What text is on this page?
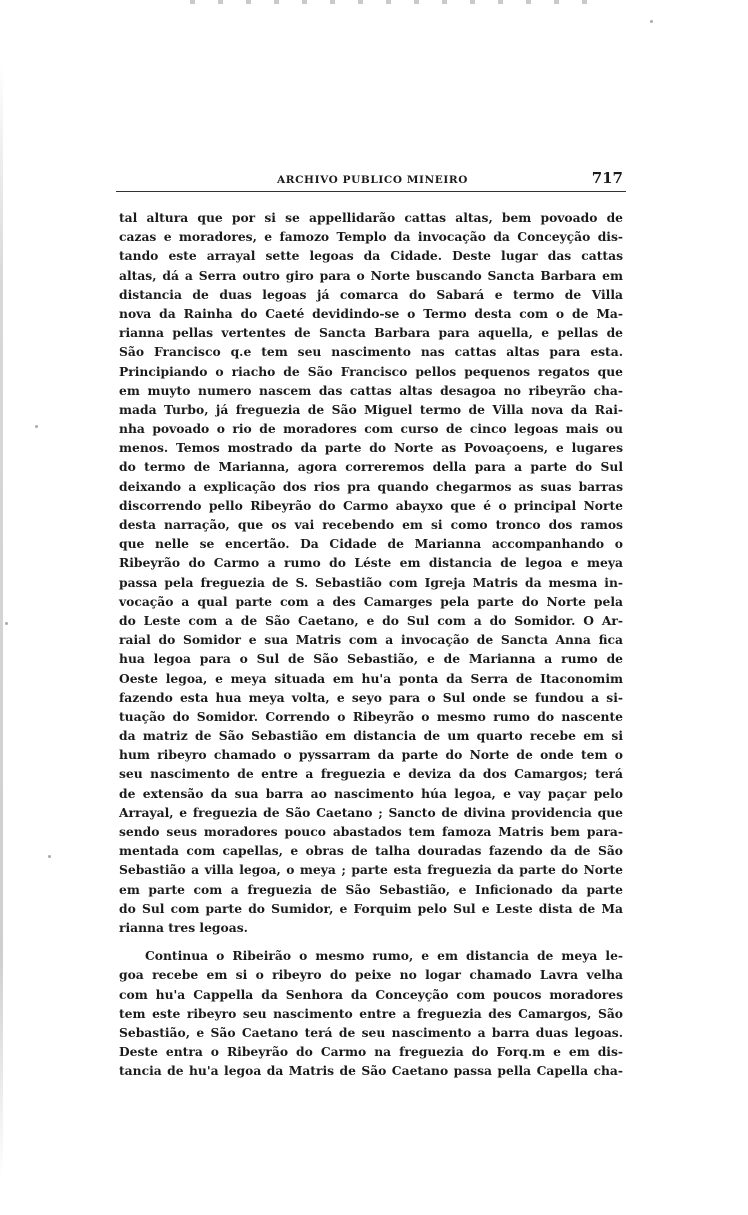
ARCHIVO PUBLICO MINEIRO	717
tal altura que por si se appellidarão cattas altas, bem povoado de
cazas e moradores, e famozo Templo da invocação da Conceyção dis-
tando este arrayal sette legoas da Cidade. Deste lugar das cattas
altas, dá a Serra outro giro para o Norte buscando Sancta Barbara em
distancia de duas legoas já comarca do Sabará e termo de Villa
nova da Rainha do Caeté devidindo-se o Termo desta com o de Ma-
rianna pellas vertentes de Sancta Barbara para aquella, e pellas de
São Francisco q.e tem seu nascimento nas cattas altas para esta.
Principiando o riacho de São Francisco pellos pequenos regatos que
em muyto numero nascem das cattas altas desagoa no ribeyrão cha-
mada Turbo, já freguezia de São Miguel termo de Villa nova da Rai-
nha povoado o rio de moradores com curso de cinco legoas mais ou
menos. Temos mostrado da parte do Norte as Povoaçoens, e lugares
do termo de Marianna, agora correremos della para a parte do Sul
deixando a explicação dos rios pra quando chegarmos as suas barras
discorrendo pello Ribeyrão do Carmo abayxo que é o principal Norte
desta narração, que os vai recebendo em si como tronco dos ramos
que nelle se encertão. Da Cidade de Marianna accompanhando o
Ribeyrão do Carmo a rumo do Léste em distancia de legoa e meya
passa pela freguezia de S. Sebastião com Igreja Matris da mesma in-
vocação a qual parte com a des Camarges pela parte do Norte pela
do Leste com a de São Caetano, e do Sul com a do Somidor. O Ar-
raial do Somidor e sua Matris com a invocação de Sancta Anna fica
hua legoa para o Sul de São Sebastião, e de Marianna a rumo de
Oeste legoa, e meya situada em hu'a ponta da Serra de Itaconomim
fazendo esta hua meya volta, e seyo para o Sul onde se fundou a si-
tuação do Somidor. Correndo o Ribeyrão o mesmo rumo do nascente
da matriz de São Sebastião em distancia de um quarto recebe em si
hum ribeyro chamado o pyssarram da parte do Norte de onde tem o
seu nascimento de entre a freguezia e deviza da dos Camargos; terá
de extensão da sua barra ao nascimento húa legoa, e vay paçar pelo
Arrayal, e freguezia de São Caetano ; Sancto de divina providencia que
sendo seus moradores pouco abastados tem famoza Matris bem para-
mentada com capellas, e obras de talha douradas fazendo da de São
Sebastião a villa legoa, o meya ; parte esta freguezia da parte do Norte
em parte com a freguezia de São Sebastião, e Inficionado da parte
do Sul com parte do Sumidor, e Forquim pelo Sul e Leste dista de Ma
rianna tres legoas.
Continua o Ribeirão o mesmo rumo, e em distancia de meya le-
goa recebe em si o ribeyro do peixe no logar chamado Lavra velha
com hu'a Cappella da Senhora da Conceyção com poucos moradores
tem este ribeyro seu nascimento entre a freguezia des Camargos, São
Sebastião, e São Caetano terá de seu nascimento a barra duas legoas.
Deste entra o Ribeyrão do Carmo na freguezia do Forq.m e em dis-
tancia de hu'a legoa da Matris de São Caetano passa pella Capella cha-
